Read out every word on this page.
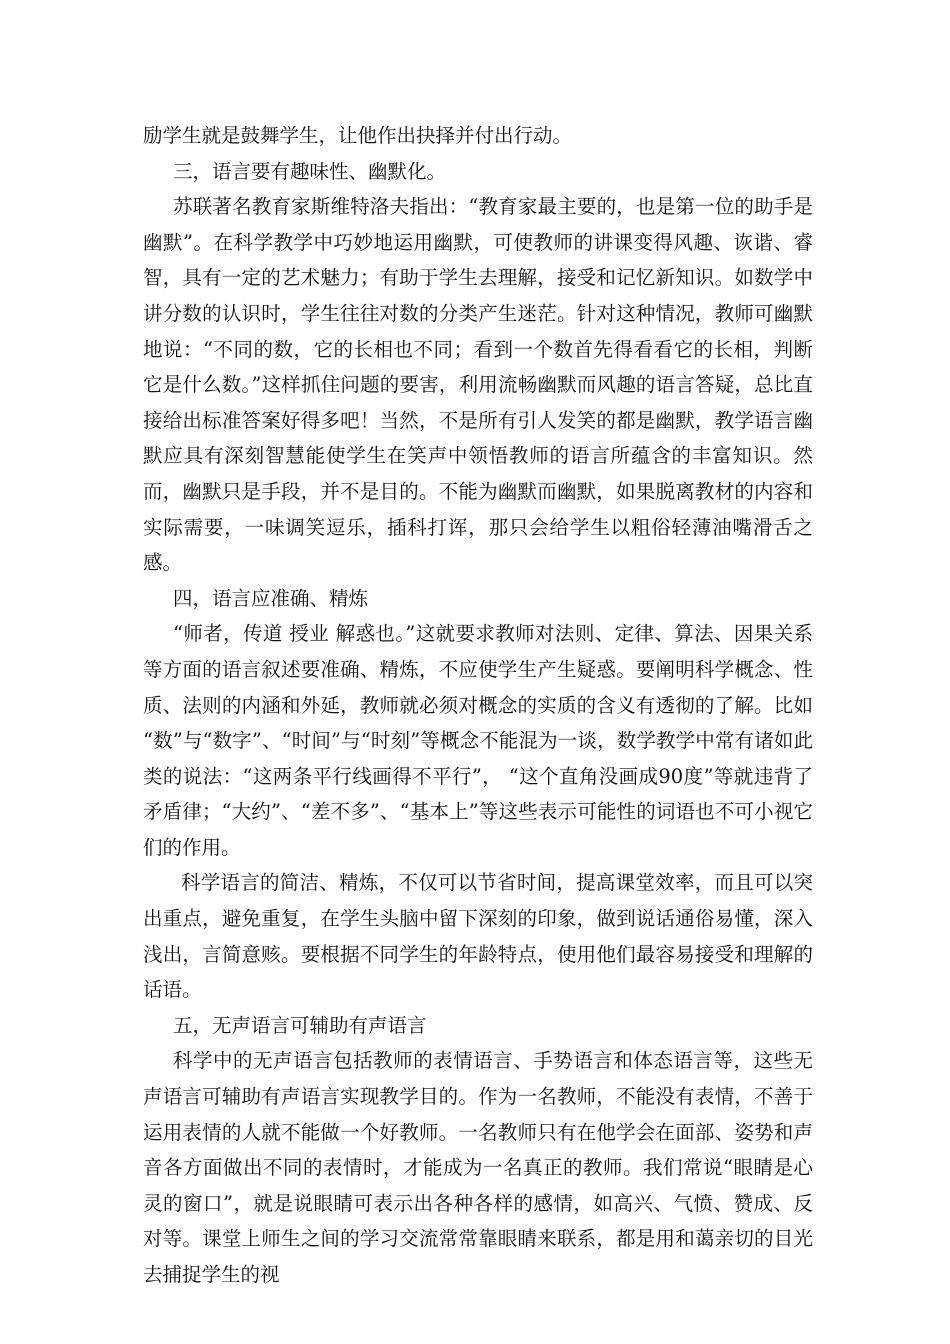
励学生就是鼓舞学生，让他作出抉择并付出行动。

三，语言要有趣味性、幽默化。

苏联著名教育家斯维特洛夫指出：“教育家最主要的，也是第一位的助手是幽默”。在科学教学中巧妙地运用幽默，可使教师的讲课变得风趣、诙谐、睿智，具有一定的艺术魅力；有助于学生去理解，接受和记忆新知识。如数学中讲分数的认识时，学生往往对数的分类产生迷茫。针对这种情况，教师可幽默地说：“不同的数，它的长相也不同；看到一个数首先得看看它的长相，判断它是什么数。”这样抓住问题的要害，利用流畅幽默而风趣的语言答疑，总比直接给出标准答案好得多吧！当然，不是所有引人发笑的都是幽默，教学语言幽默应具有深刻智慧能使学生在笑声中领悟教师的语言所蕴含的丰富知识。然而，幽默只是手段，并不是目的。不能为幽默而幽默，如果脱离教材的内容和实际需要，一味调笑逗乐，插科打诨，那只会给学生以粗俗轻薄油嘴滑舌之感。

四，语言应准确、精炼

“师者，传道 授业 解惑也。”这就要求教师对法则、定律、算法、因果关系等方面的语言叙述要准确、精炼，不应使学生产生疑惑。要阐明科学概念、性质、法则的内涵和外延，教师就必须对概念的实质的含义有透彻的了解。比如 “数”与“数字”、“时间”与“时刻”等概念不能混为一谈，数学教学中常有诸如此类的说法：“这两条平行线画得不平行”， “这个直角没画成90度”等就违背了矛盾律；“大约”、“差不多”、“基本上”等这些表示可能性的词语也不可小视它们的作用。

科学语言的简洁、精炼，不仅可以节省时间，提高课堂效率，而且可以突出重点，避免重复，在学生头脑中留下深刻的印象，做到说话通俗易懂，深入浅出，言简意赅。要根据不同学生的年龄特点，使用他们最容易接受和理解的话语。

五，无声语言可辅助有声语言

科学中的无声语言包括教师的表情语言、手势语言和体态语言等，这些无声语言可辅助有声语言实现教学目的。作为一名教师，不能没有表情，不善于运用表情的人就不能做一个好教师。一名教师只有在他学会在面部、姿势和声音各方面做出不同的表情时，才能成为一名真正的教师。我们常说“眼睛是心灵的窗口”，就是说眼睛可表示出各种各样的感情，如高兴、气愤、赞成、反对等。课堂上师生之间的学习交流常常靠眼睛来联系，都是用和蔼亲切的目光去捕捉学生的视
